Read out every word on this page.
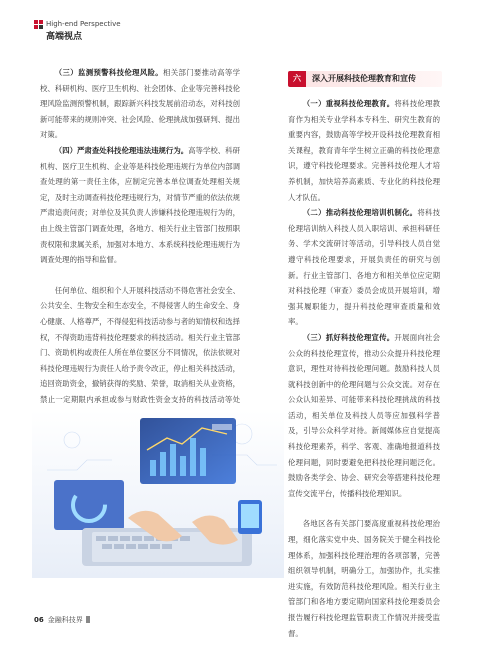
High-end Perspective
高端视点

（三）监测预警科技伦理风险。相关部门要推动高等学校、科研机构、医疗卫生机构、社会团体、企业等完善科技伦理风险监测预警机制，跟踪新兴科技发展前沿动态，对科技创新可能带来的规则冲突、社会风险、伦理挑战加强研判、提出对策。

（四）严肃查处科技伦理违法违规行为。高等学校、科研机构、医疗卫生机构、企业等是科技伦理违规行为单位内部调查处理的第一责任主体，应制定完善本单位调查处理相关规定，及时主动调查科技伦理违规行为，对情节严重的依法依规严肃追责问责；对单位及其负责人涉嫌科技伦理违规行为的，由上级主管部门调查处理，各地方、相关行业主管部门按照职责权限和隶属关系，加强对本地方、本系统科技伦理违规行为调查处理的指导和监督。

任何单位、组织和个人开展科技活动不得危害社会安全、公共安全、生物安全和生态安全，不得侵害人的生命安全、身心健康、人格尊严，不得侵犯科技活动参与者的知情权和选择权，不得资助违背科技伦理要求的科技活动。相关行业主管部门、资助机构或责任人所在单位要区分不同情况，依法依规对科技伦理违规行为责任人给予责令改正，停止相关科技活动，追回资助资金，撤销获得的奖励、荣誉，取消相关从业资格，禁止一定期限内承担或参与财政性资金支持的科技活动等处

六	深入开展科技伦理教育和宣传

（一）重视科技伦理教育。将科技伦理教育作为相关专业学科本专科生、研究生教育的重要内容，鼓励高等学校开设科技伦理教育相关课程，教育青年学生树立正确的科技伦理意识，遵守科技伦理要求。完善科技伦理人才培养机制，加快培养高素质、专业化的科技伦理人才队伍。

（二）推动科技伦理培训机制化。将科技伦理培训纳入科技人员入职培训、承担科研任务、学术交流研讨等活动，引导科技人员自觉遵守科技伦理要求，开展负责任的研究与创新。行业主管部门、各地方和相关单位应定期对科技伦理（审查）委员会成员开展培训，增强其履职能力，提升科技伦理审查质量和效率。

（三）抓好科技伦理宣传。开展面向社会公众的科技伦理宣传，推动公众提升科技伦理意识，理性对待科技伦理问题。鼓励科技人员就科技创新中的伦理问题与公众交流。对存在公众认知差异、可能带来科技伦理挑战的科技活动，相关单位及科技人员等应加强科学普及，引导公众科学对待。新闻媒体应自觉提高科技伦理素养，科学、客观、准确地报道科技伦理问题，同时要避免把科技伦理问题泛化。鼓励各类学会、协会、研究会等搭建科技伦理宣传交流平台，传播科技伦理知识。

各地区各有关部门要高度重视科技伦理治理，细化落实党中央、国务院关于健全科技伦理体系，加强科技伦理治理的各项部署，完善组织领导机制，明确分工，加强协作，扎实推进实施，有效防范科技伦理风险。相关行业主管部门和各地方要定期向国家科技伦理委员会报告履行科技伦理监管职责工作情况并接受监督。

06 金融科技界
